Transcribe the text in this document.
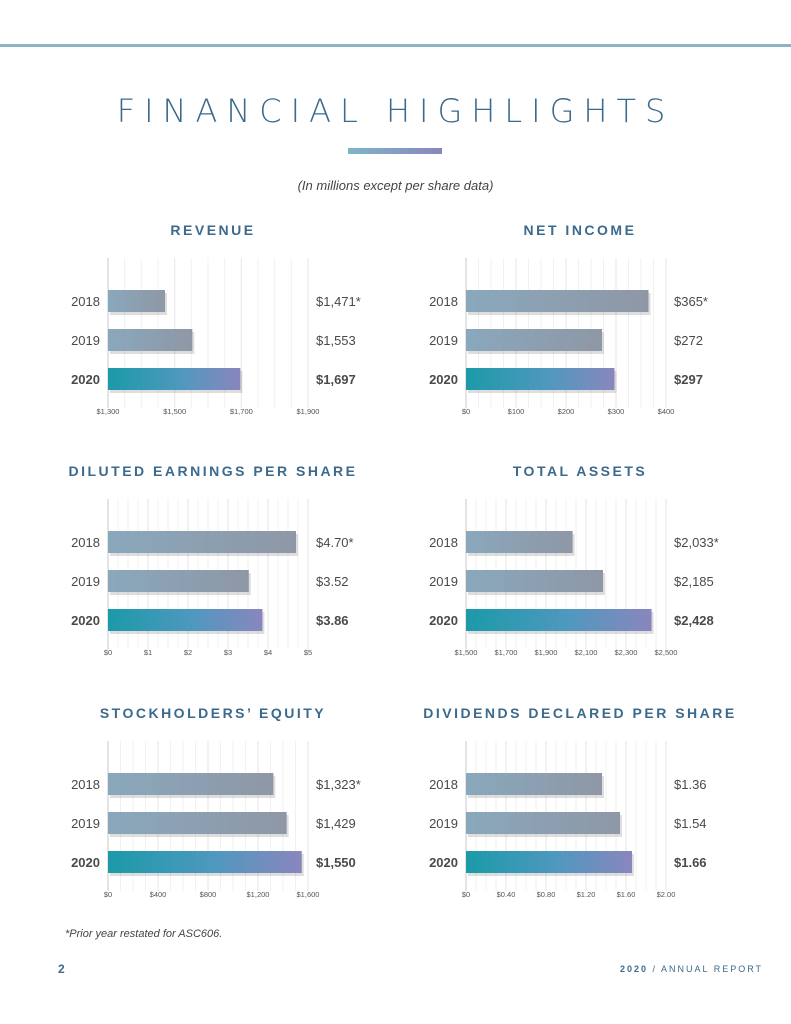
FINANCIAL HIGHLIGHTS
(In millions except per share data)
REVENUE
$1,300	$1,500	$1,700	$1,900
2018	$1,471*
2019	$1,553
2020	$1,697
NET INCOME
$0	$100	$200	$300	$400
2018	$365*
2019	$272
2020	$297
DILUTED EARNINGS PER SHARE
$0	$1	$2	$3	$4	$5
2018	$4.70*
2019	$3.52
2020	$3.86
TOTAL ASSETS
$1,500 $1,700 $1,900 $2,100 $2,300 $2,500
2018	$2,033*
2019	$2,185
2020	$2,428
STOCKHOLDERS’ EQUITY
$0	$400	$800	$1,200	$1,600
2018	$1,323*
2019	$1,429
2020	$1,550
DIVIDENDS DECLARED PER SHARE
$0	$0.40	$0.80	$1.20	$1.60	$2.00
2018	$1.36
2019	$1.54
2020	$1.66
*Prior year restated for ASC606.
2	2020 / ANNUAL REPORT
